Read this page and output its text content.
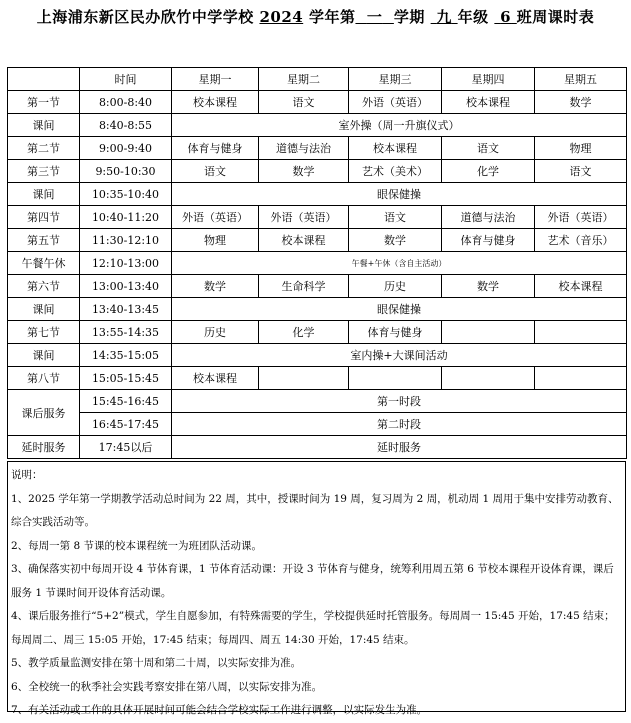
上海浦东新区民办欣竹中学学校 2024 学年第 一 学期 九 年级 6 班周课时表
	时间	星期一	星期二	星期三	星期四	星期五
第一节	8:00-8:40	校本课程	语文	外语（英语）	校本课程	数学
课间	8:40-8:55	室外操（周一升旗仪式）				
第二节	9:00-9:40	体育与健身	道德与法治	校本课程	语文	物理
第三节	9:50-10:30	语文	数学	艺术（美术）	化学	语文
课间	10:35-10:40	眼保健操				
第四节	10:40-11:20	外语（英语）	外语（英语）	语文	道德与法治	外语（英语）
第五节	11:30-12:10	物理	校本课程	数学	体育与健身	艺术（音乐）
午餐午休	12:10-13:00	午餐+午休（含自主活动）				
第六节	13:00-13:40	数学	生命科学	历史	数学	校本课程
课间	13:40-13:45	眼保健操				
第七节	13:55-14:35	历史	化学	体育与健身		
课间	14:35-15:05	室内操+大课间活动				
第八节	15:05-15:45	校本课程				
课后服务	15:45-16:45	第一时段				
	16:45-17:45	第二时段				
延时服务	17:45以后	延时服务				

说明：

1、2025 学年第一学期教学活动总时间为 22 周，其中，授课时间为 19 周，复习周为 2 周，机动周 1 周用于集中安排劳动教育、综合实践活动等。

2、每周一第 8 节课的校本课程统一为班团队活动课。

3、确保落实初中每周开设 4 节体育课，1 节体育活动课：开设 3 节体育与健身，统筹利用周五第 6 节校本课程开设体育课，课后服务 1 节课时间开设体育活动课。

4、课后服务推行“5+2”模式，学生自愿参加，有特殊需要的学生，学校提供延时托管服务。每周周一 15:45 开始，17:45 结束；每周周二、周三 15:05 开始，17:45 结束；每周四、周五 14:30 开始，17:45 结束。

5、教学质量监测安排在第十周和第二十周，以实际安排为准。

6、全校统一的秋季社会实践考察安排在第八周，以实际安排为准。

7、有关活动或工作的具体开展时间可能会结合学校实际工作进行调整，以实际发生为准。
